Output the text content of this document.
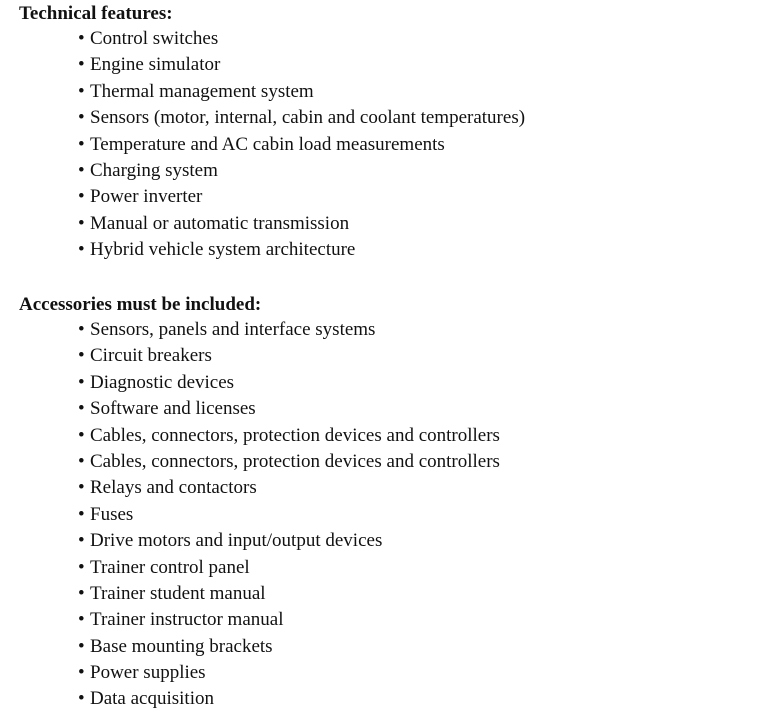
Technical features:

• Control switches
• Engine simulator
• Thermal management system
• Sensors (motor, internal, cabin and coolant temperatures)
• Temperature and AC cabin load measurements
• Charging system
• Power inverter
• Manual or automatic transmission
• Hybrid vehicle system architecture

Accessories must be included:

• Sensors, panels and interface systems
• Circuit breakers
• Diagnostic devices
• Software and licenses
• Cables, connectors, protection devices and controllers
• Cables, connectors, protection devices and controllers
• Relays and contactors
• Fuses
• Drive motors and input/output devices
• Trainer control panel
• Trainer student manual
• Trainer instructor manual
• Base mounting brackets
• Power supplies
• Data acquisition
